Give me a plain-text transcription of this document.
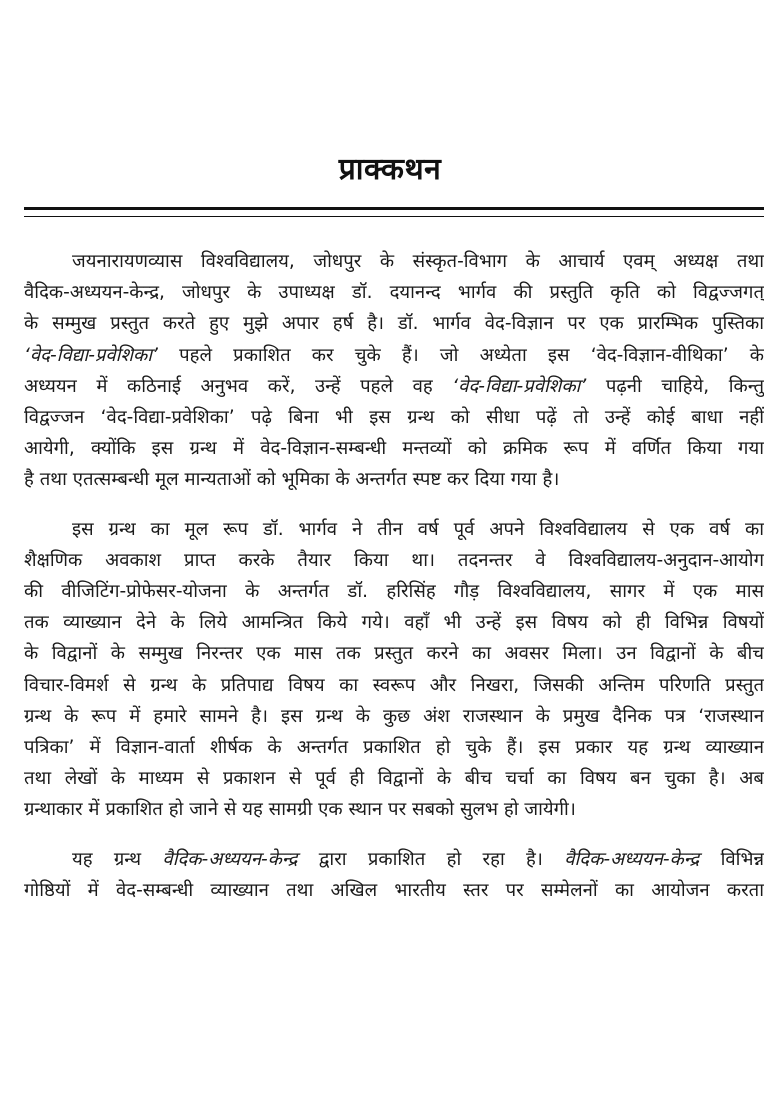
प्राक्कथन
जयनारायणव्यास विश्वविद्यालय, जोधपुर के संस्कृत-विभाग के आचार्य एवम् अध्यक्ष तथा
वैदिक-अध्ययन-केन्द्र, जोधपुर के उपाध्यक्ष डॉ. दयानन्द भार्गव की प्रस्तुति कृति को विद्वज्जगत्
के सम्मुख प्रस्तुत करते हुए मुझे अपार हर्ष है। डॉ. भार्गव वेद-विज्ञान पर एक प्रारम्भिक पुस्तिका
‘वेद-विद्या-प्रवेशिका’ पहले प्रकाशित कर चुके हैं। जो अध्येता इस ‘वेद-विज्ञान-वीथिका’ के
अध्ययन में कठिनाई अनुभव करें, उन्हें पहले वह ‘वेद-विद्या-प्रवेशिका’ पढ़नी चाहिये, किन्तु
विद्वज्जन ‘वेद-विद्या-प्रवेशिका’ पढ़े बिना भी इस ग्रन्थ को सीधा पढ़ें तो उन्हें कोई बाधा नहीं
आयेगी, क्योंकि इस ग्रन्थ में वेद-विज्ञान-सम्बन्धी मन्तव्यों को क्रमिक रूप में वर्णित किया गया
है तथा एतत्सम्बन्धी मूल मान्यताओं को भूमिका के अन्तर्गत स्पष्ट कर दिया गया है।
इस ग्रन्थ का मूल रूप डॉ. भार्गव ने तीन वर्ष पूर्व अपने विश्वविद्यालय से एक वर्ष का
शैक्षणिक अवकाश प्राप्त करके तैयार किया था। तदनन्तर वे विश्वविद्यालय-अनुदान-आयोग
की वीजिटिंग-प्रोफेसर-योजना के अन्तर्गत डॉ. हरिसिंह गौड़ विश्वविद्यालय, सागर में एक मास
तक व्याख्यान देने के लिये आमन्त्रित किये गये। वहाँ भी उन्हें इस विषय को ही विभिन्न विषयों
के विद्वानों के सम्मुख निरन्तर एक मास तक प्रस्तुत करने का अवसर मिला। उन विद्वानों के बीच
विचार-विमर्श से ग्रन्थ के प्रतिपाद्य विषय का स्वरूप और निखरा, जिसकी अन्तिम परिणति प्रस्तुत
ग्रन्थ के रूप में हमारे सामने है। इस ग्रन्थ के कुछ अंश राजस्थान के प्रमुख दैनिक पत्र ‘राजस्थान
पत्रिका’ में विज्ञान-वार्ता शीर्षक के अन्तर्गत प्रकाशित हो चुके हैं। इस प्रकार यह ग्रन्थ व्याख्यान
तथा लेखों के माध्यम से प्रकाशन से पूर्व ही विद्वानों के बीच चर्चा का विषय बन चुका है। अब
ग्रन्थाकार में प्रकाशित हो जाने से यह सामग्री एक स्थान पर सबको सुलभ हो जायेगी।
यह ग्रन्थ वैदिक-अध्ययन-केन्द्र द्वारा प्रकाशित हो रहा है। वैदिक-अध्ययन-केन्द्र विभिन्न
गोष्ठियों में वेद-सम्बन्धी व्याख्यान तथा अखिल भारतीय स्तर पर सम्मेलनों का आयोजन करता
